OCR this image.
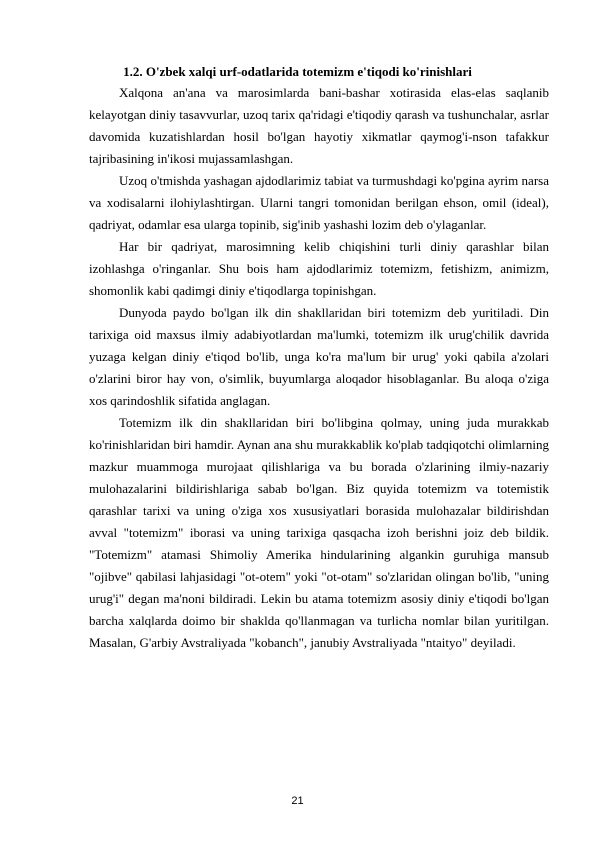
1.2. O'zbek xalqi urf-odatlarida totemizm e'tiqodi ko'rinishlari

Xalqona an'ana va marosimlarda bani-bashar xotirasida elas-elas saqlanib kelayotgan diniy tasavvurlar, uzoq tarix qa'ridagi e'tiqodiy qarash va tushunchalar, asrlar davomida kuzatishlardan hosil bo'lgan hayotiy xikmatlar qaymog'i-nson tafakkur tajribasining in'ikosi mujassamlashgan.

Uzoq o'tmishda yashagan ajdodlarimiz tabiat va turmushdagi ko'pgina ayrim narsa va xodisalarni ilohiylashtirgan. Ularni tangri tomonidan berilgan ehson, omil (ideal), qadriyat, odamlar esa ularga topinib, sig'inib yashashi lozim deb o'ylaganlar.

Har bir qadriyat, marosimning kelib chiqishini turli diniy qarashlar bilan izohlashga o'ringanlar. Shu bois ham ajdodlarimiz totemizm, fetishizm, animizm, shomonlik kabi qadimgi diniy e'tiqodlarga topinishgan.

Dunyoda paydo bo'lgan ilk din shakllaridan biri totemizm deb yuritiladi. Din tarixiga oid maxsus ilmiy adabiyotlardan ma'lumki, totemizm ilk urug'chilik davrida yuzaga kelgan diniy e'tiqod bo'lib, unga ko'ra ma'lum bir urug' yoki qabila a'zolari o'zlarini biror hay von, o'simlik, buyumlarga aloqador hisoblaganlar. Bu aloqa o'ziga xos qarindoshlik sifatida anglagan.

Totemizm ilk din shakllaridan biri bo'libgina qolmay, uning juda murakkab ko'rinishlaridan biri hamdir. Aynan ana shu murakkablik ko'plab tadqiqotchi olimlarning mazkur muammoga murojaat qilishlariga va bu borada o'zlarining ilmiy-nazariy mulohazalarini bildirishlariga sabab bo'lgan. Biz quyida totemizm va totemistik qarashlar tarixi va uning o'ziga xos xususiyatlari borasida mulohazalar bildirishdan avval "totemizm" iborasi va uning tarixiga qasqacha izoh berishni joiz deb bildik. "Totemizm" atamasi Shimoliy Amerika hindularining algankin guruhiga mansub "ojibve" qabilasi lahjasidagi "ot-otem" yoki "ot-otam" so'zlaridan olingan bo'lib, "uning urug'i" degan ma'noni bildiradi. Lekin bu atama totemizm asosiy diniy e'tiqodi bo'lgan barcha xalqlarda doimo bir shaklda qo'llanmagan va turlicha nomlar bilan yuritilgan. Masalan, G'arbiy Avstraliyada "kobanch", janubiy Avstraliyada "ntaityo" deyiladi.

21
